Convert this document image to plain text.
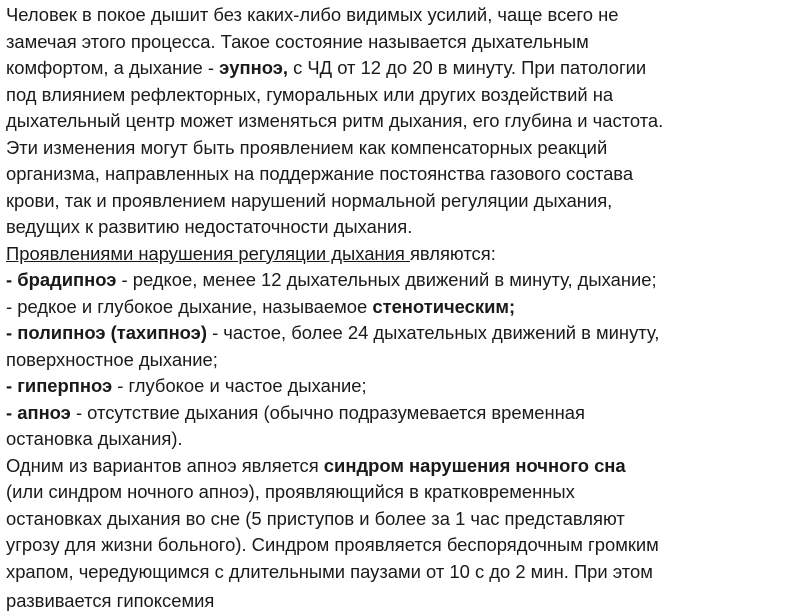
Человек в покое дышит без каких-либо видимых усилий, чаще всего не
замечая этого процесса. Такое состояние называется дыхательным
комфортом, а дыхание - эупноэ, с ЧД от 12 до 20 в минуту. При патологии
под влиянием рефлекторных, гуморальных или других воздействий на
дыхательный центр может изменяться ритм дыхания, его глубина и частота.
Эти изменения могут быть проявлением как компенсаторных реакций
организма, направленных на поддержание постоянства газового состава
крови, так и проявлением нарушений нормальной регуляции дыхания,
ведущих к развитию недостаточности дыхания.
Проявлениями нарушения регуляции дыхания являются:
- брадипноэ - редкое, менее 12 дыхательных движений в минуту, дыхание;
- редкое и глубокое дыхание, называемое стенотическим;
- полипноэ (тахипноэ) - частое, более 24 дыхательных движений в минуту,
поверхностное дыхание;
- гиперпноэ - глубокое и частое дыхание;
- апноэ - отсутствие дыхания (обычно подразумевается временная
остановка дыхания).
Одним из вариантов апноэ является синдром нарушения ночного сна
(или синдром ночного апноэ), проявляющийся в кратковременных
остановках дыхания во сне (5 приступов и более за 1 час представляют
угрозу для жизни больного). Синдром проявляется беспорядочным громким
храпом, чередующимся с длительными паузами от 10 с до 2 мин. При этом
развивается гипоксемия
